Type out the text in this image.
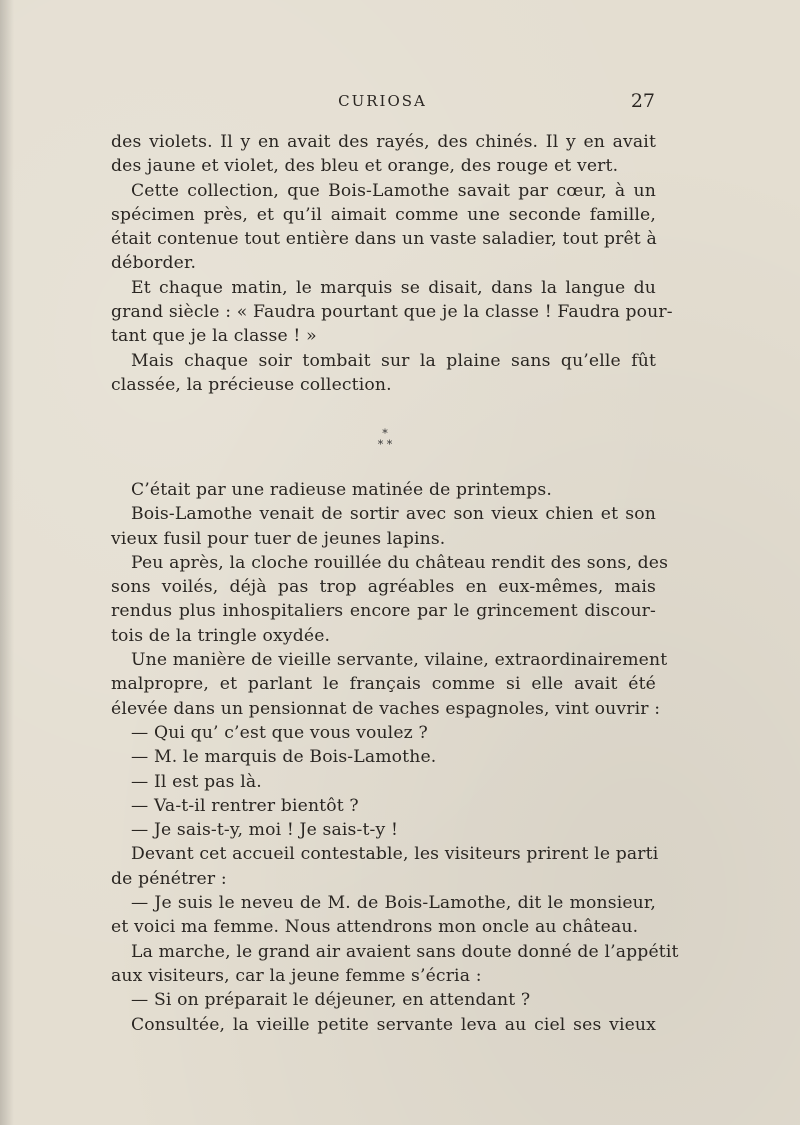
CURIOSA	27
des violets. Il y en avait des rayés, des chinés. Il y en avait
des jaune et violet, des bleu et orange, des rouge et vert.
Cette collection, que Bois-Lamothe savait par cœur, à un
spécimen près, et qu’il aimait comme une seconde famille,
était contenue tout entière dans un vaste saladier, tout prêt à
déborder.
Et chaque matin, le marquis se disait, dans la langue du
grand siècle : « Faudra pourtant que je la classe ! Faudra pour-
tant que je la classe ! »
Mais chaque soir tombait sur la plaine sans qu’elle fût
classée, la précieuse collection.
*
* *
C’était par une radieuse matinée de printemps.
Bois-Lamothe venait de sortir avec son vieux chien et son
vieux fusil pour tuer de jeunes lapins.
Peu après, la cloche rouillée du château rendit des sons, des
sons voilés, déjà pas trop agréables en eux-mêmes, mais
rendus plus inhospitaliers encore par le grincement discour-
tois de la tringle oxydée.
Une manière de vieille servante, vilaine, extraordinairement
malpropre, et parlant le français comme si elle avait été
élevée dans un pensionnat de vaches espagnoles, vint ouvrir :
— Qui qu’ c’est que vous voulez ?
— M. le marquis de Bois-Lamothe.
— Il est pas là.
— Va-t-il rentrer bientôt ?
— Je sais-t-y, moi ! Je sais-t-y !
Devant cet accueil contestable, les visiteurs prirent le parti
de pénétrer :
— Je suis le neveu de M. de Bois-Lamothe, dit le monsieur,
et voici ma femme. Nous attendrons mon oncle au château.
La marche, le grand air avaient sans doute donné de l’appétit
aux visiteurs, car la jeune femme s’écria :
— Si on préparait le déjeuner, en attendant ?
Consultée, la vieille petite servante leva au ciel ses vieux
